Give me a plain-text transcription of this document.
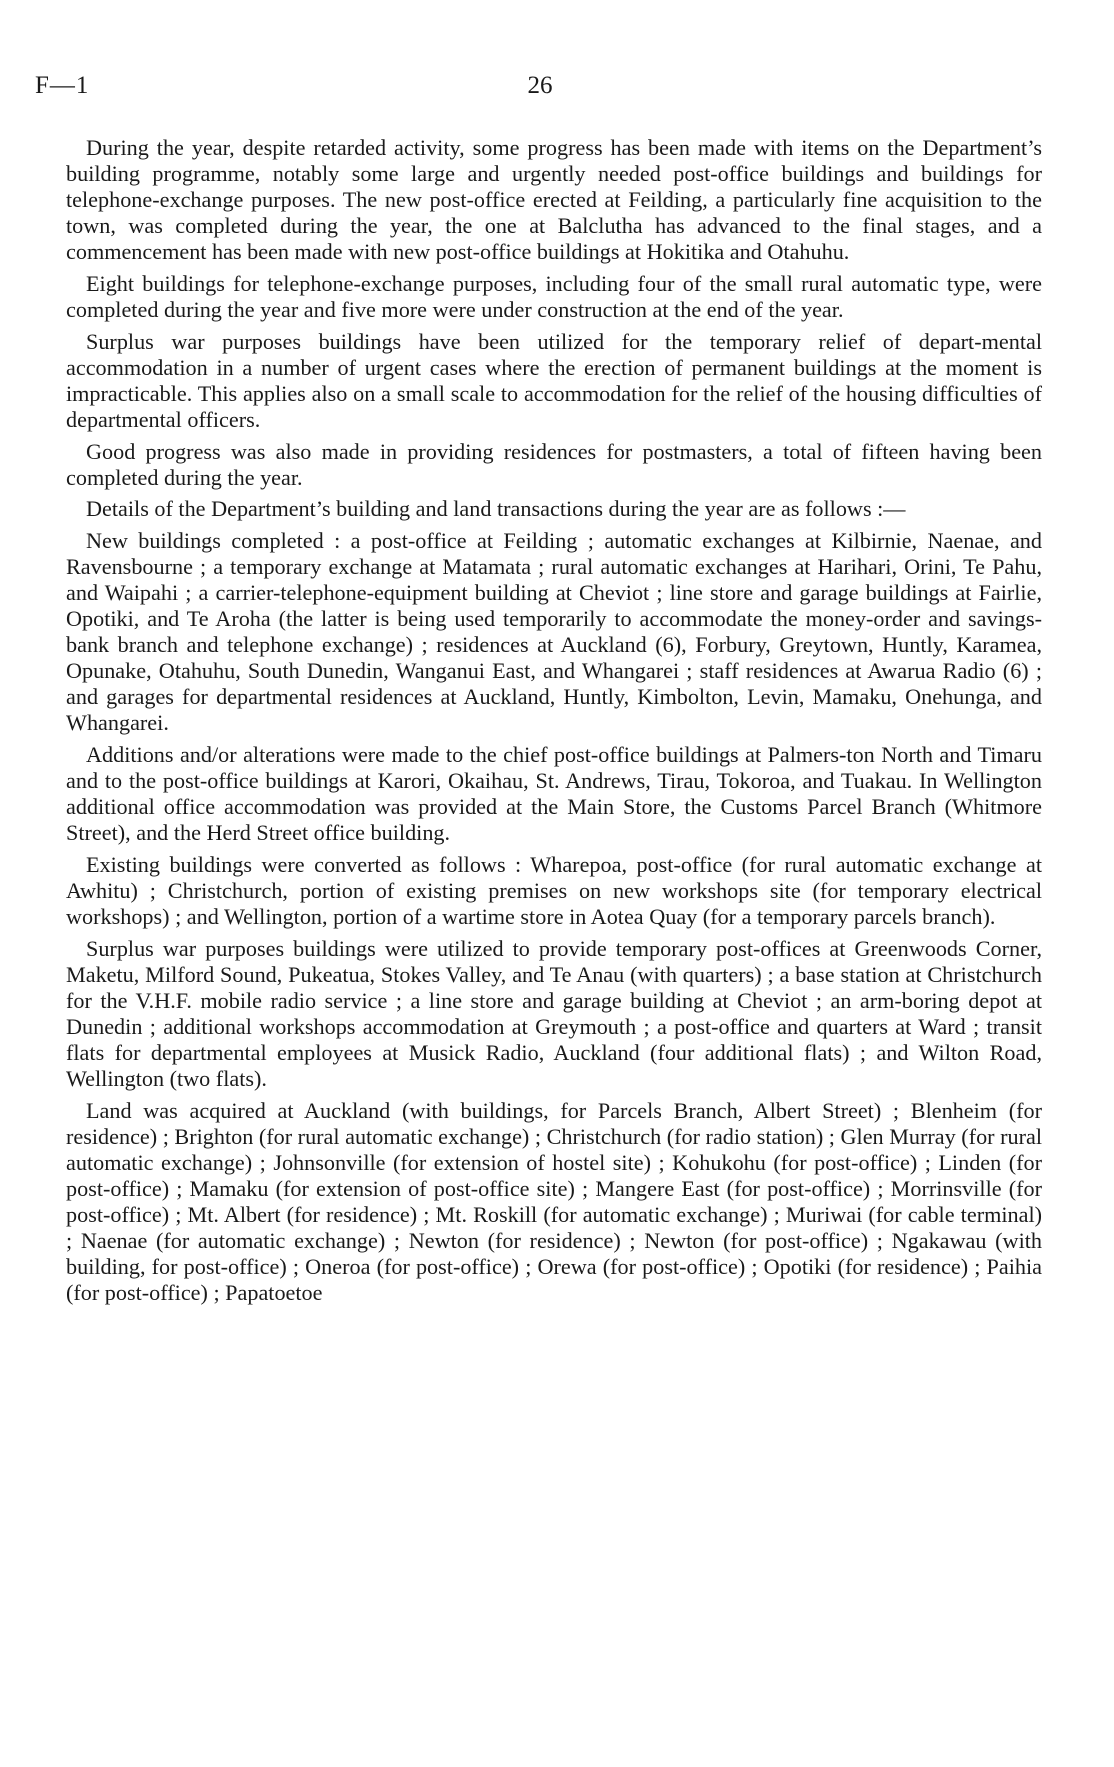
F—1	26

During the year, despite retarded activity, some progress has been made with items on the Department’s building programme, notably some large and urgently needed post-office buildings and buildings for telephone-exchange purposes. The new post-office erected at Feilding, a particularly fine acquisition to the town, was completed during the year, the one at Balclutha has advanced to the final stages, and a commencement has been made with new post-office buildings at Hokitika and Otahuhu.

Eight buildings for telephone-exchange purposes, including four of the small rural automatic type, were completed during the year and five more were under construction at the end of the year.

Surplus war purposes buildings have been utilized for the temporary relief of depart-mental accommodation in a number of urgent cases where the erection of permanent buildings at the moment is impracticable. This applies also on a small scale to accommodation for the relief of the housing difficulties of departmental officers.

Good progress was also made in providing residences for postmasters, a total of fifteen having been completed during the year.

Details of the Department’s building and land transactions during the year are as follows :—

New buildings completed : a post-office at Feilding ; automatic exchanges at Kilbirnie, Naenae, and Ravensbourne ; a temporary exchange at Matamata ; rural automatic exchanges at Harihari, Orini, Te Pahu, and Waipahi ; a carrier-telephone-equipment building at Cheviot ; line store and garage buildings at Fairlie, Opotiki, and Te Aroha (the latter is being used temporarily to accommodate the money-order and savings-bank branch and telephone exchange) ; residences at Auckland (6), Forbury, Greytown, Huntly, Karamea, Opunake, Otahuhu, South Dunedin, Wanganui East, and Whangarei ; staff residences at Awarua Radio (6) ; and garages for departmental residences at Auckland, Huntly, Kimbolton, Levin, Mamaku, Onehunga, and Whangarei.

Additions and/or alterations were made to the chief post-office buildings at Palmers-ton North and Timaru and to the post-office buildings at Karori, Okaihau, St. Andrews, Tirau, Tokoroa, and Tuakau. In Wellington additional office accommodation was provided at the Main Store, the Customs Parcel Branch (Whitmore Street), and the Herd Street office building.

Existing buildings were converted as follows : Wharepoa, post-office (for rural automatic exchange at Awhitu) ; Christchurch, portion of existing premises on new workshops site (for temporary electrical workshops) ; and Wellington, portion of a wartime store in Aotea Quay (for a temporary parcels branch).

Surplus war purposes buildings were utilized to provide temporary post-offices at Greenwoods Corner, Maketu, Milford Sound, Pukeatua, Stokes Valley, and Te Anau (with quarters) ; a base station at Christchurch for the V.H.F. mobile radio service ; a line store and garage building at Cheviot ; an arm-boring depot at Dunedin ; additional workshops accommodation at Greymouth ; a post-office and quarters at Ward ; transit flats for departmental employees at Musick Radio, Auckland (four additional flats) ; and Wilton Road, Wellington (two flats).

Land was acquired at Auckland (with buildings, for Parcels Branch, Albert Street) ; Blenheim (for residence) ; Brighton (for rural automatic exchange) ; Christchurch (for radio station) ; Glen Murray (for rural automatic exchange) ; Johnsonville (for extension of hostel site) ; Kohukohu (for post-office) ; Linden (for post-office) ; Mamaku (for extension of post-office site) ; Mangere East (for post-office) ; Morrinsville (for post-office) ; Mt. Albert (for residence) ; Mt. Roskill (for automatic exchange) ; Muriwai (for cable terminal) ; Naenae (for automatic exchange) ; Newton (for residence) ; Newton (for post-office) ; Ngakawau (with building, for post-office) ; Oneroa (for post-office) ; Orewa (for post-office) ; Opotiki (for residence) ; Paihia (for post-office) ; Papatoetoe
